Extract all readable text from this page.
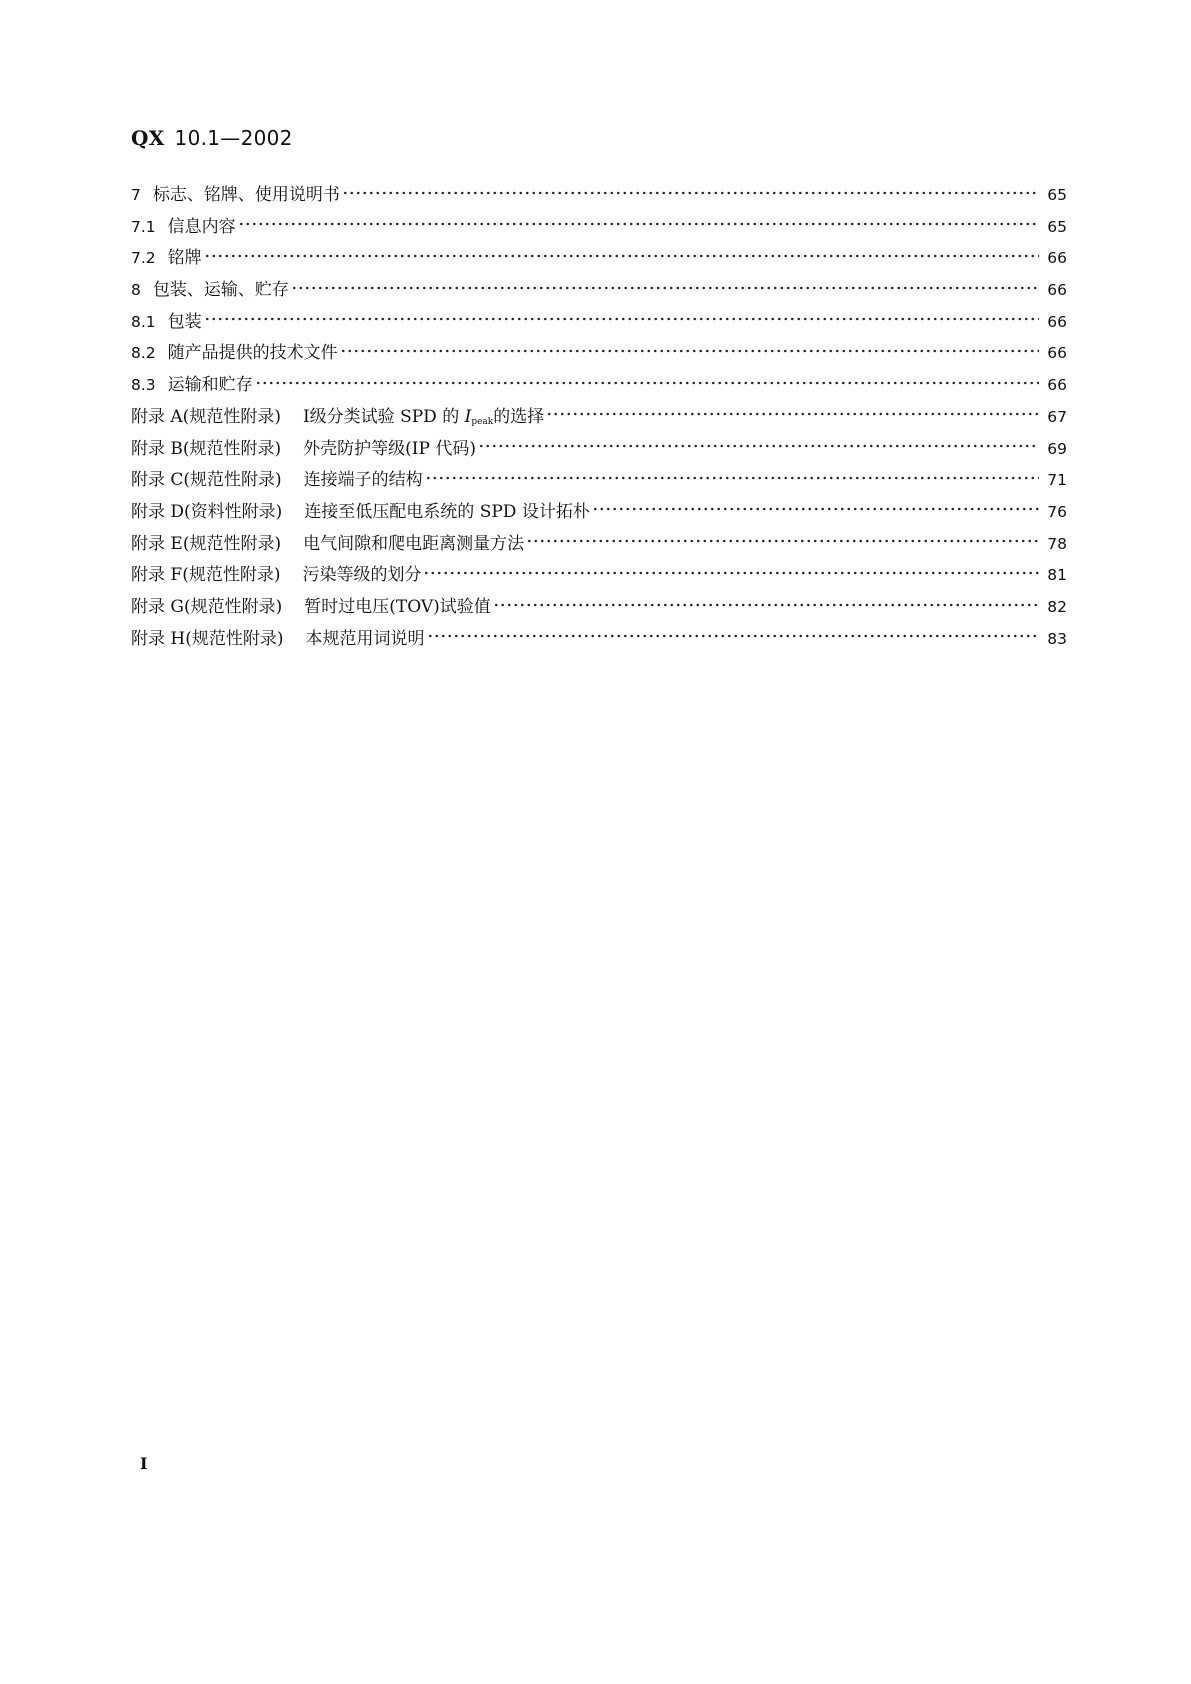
QX 10.1—2002
7 标志、铭牌、使用说明书	65
7.1 信息内容	65
7.2 铭牌	66
8 包装、运输、贮存	66
8.1 包装	66
8.2 随产品提供的技术文件	66
8.3 运输和贮存	66
附录 A(规范性附录)	Ⅰ级分类试验 SPD 的 $I_{peak}$的选择	67
附录 B(规范性附录)	外壳防护等级(IP 代码)	69
附录 C(规范性附录)	连接端子的结构	71
附录 D(资料性附录)	连接至低压配电系统的 SPD 设计拓朴	76
附录 E(规范性附录)	电气间隙和爬电距离测量方法	78
附录 F(规范性附录)	污染等级的划分	81
附录 G(规范性附录)	暂时过电压(TOV)试验值	82
附录 H(规范性附录)	本规范用词说明	83
Ⅰ
